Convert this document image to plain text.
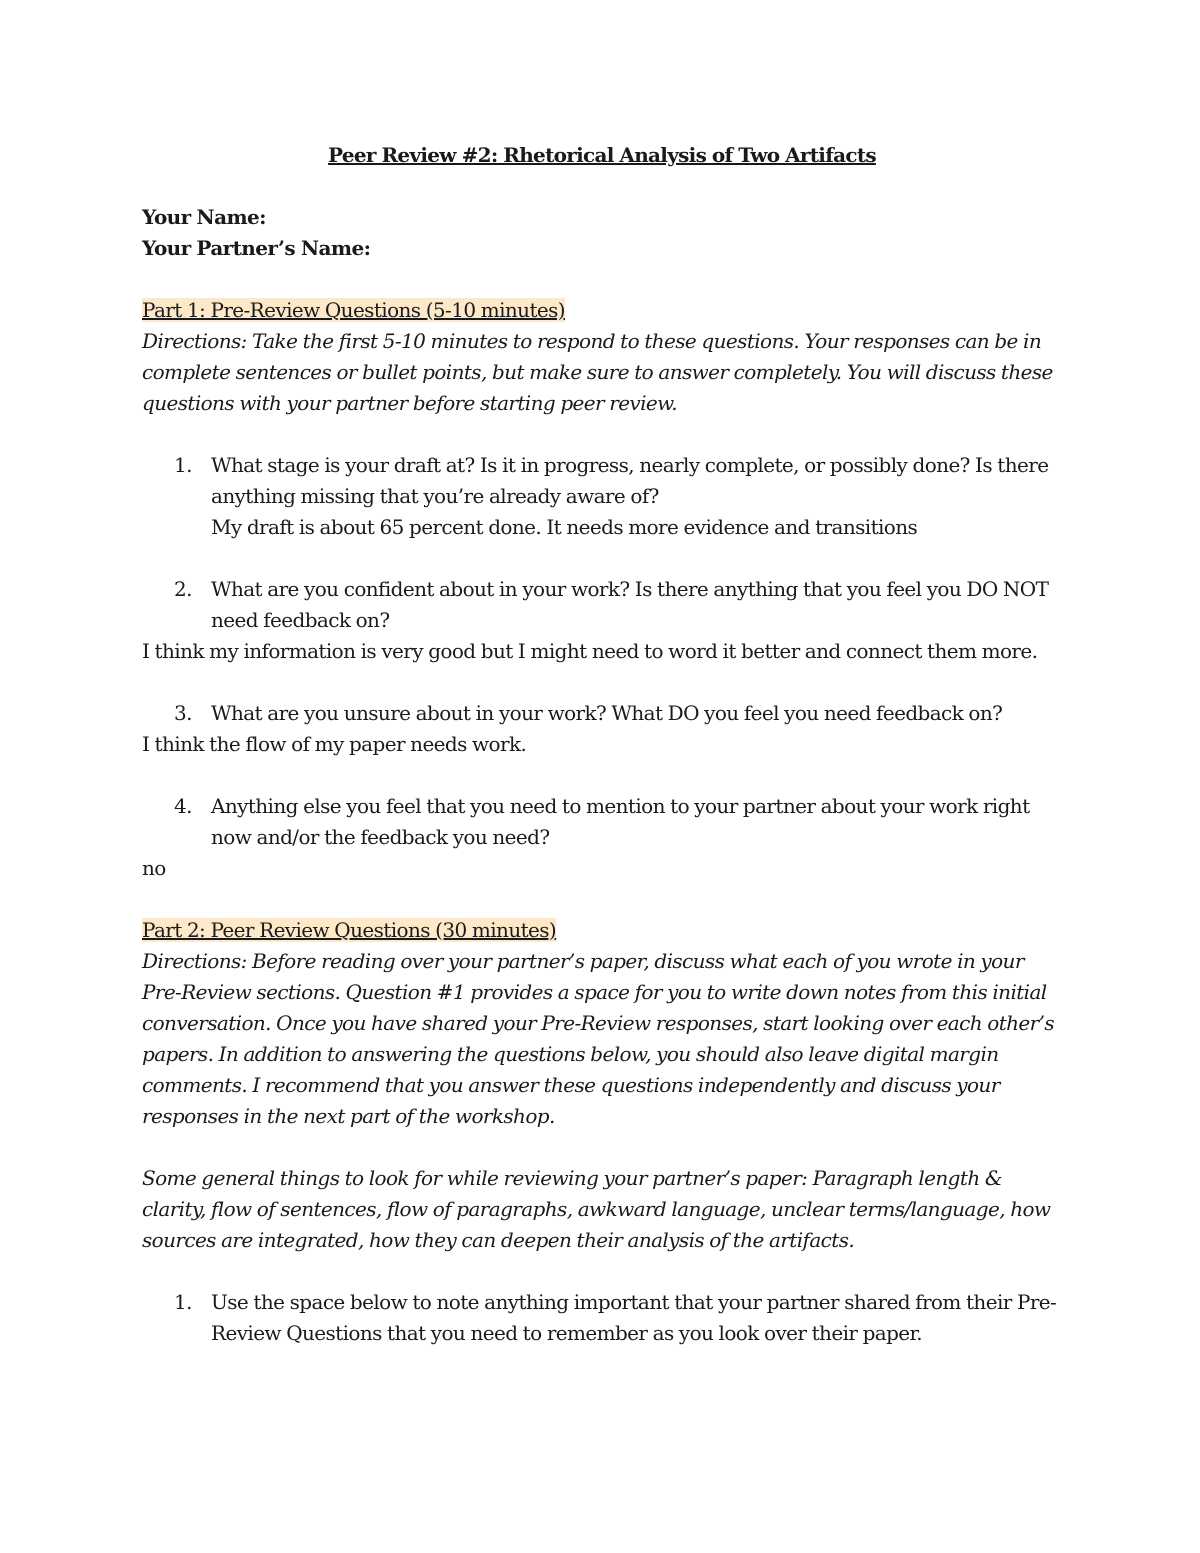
Peer Review #2: Rhetorical Analysis of Two Artifacts

Your Name:

Your Partner’s Name:

Part 1: Pre-Review Questions (5-10 minutes)

Directions: Take the first 5-10 minutes to respond to these questions. Your responses can be in complete sentences or bullet points, but make sure to answer completely. You will discuss these questions with your partner before starting peer review.

1. What stage is your draft at? Is it in progress, nearly complete, or possibly done? Is there anything missing that you’re already aware of?
My draft is about 65 percent done. It needs more evidence and transitions
2. What are you confident about in your work? Is there anything that you feel you DO NOT need feedback on?

I think my information is very good but I might need to word it better and connect them more.

3. What are you unsure about in your work? What DO you feel you need feedback on?

I think the flow of my paper needs work.

4. Anything else you feel that you need to mention to your partner about your work right now and/or the feedback you need?

no

Part 2: Peer Review Questions (30 minutes)

Directions: Before reading over your partner’s paper, discuss what each of you wrote in your Pre-Review sections. Question #1 provides a space for you to write down notes from this initial conversation. Once you have shared your Pre-Review responses, start looking over each other’s papers. In addition to answering the questions below, you should also leave digital margin comments. I recommend that you answer these questions independently and discuss your responses in the next part of the workshop.

Some general things to look for while reviewing your partner’s paper: Paragraph length & clarity, flow of sentences, flow of paragraphs, awkward language, unclear terms/language, how sources are integrated, how they can deepen their analysis of the artifacts.

1. Use the space below to note anything important that your partner shared from their Pre-Review Questions that you need to remember as you look over their paper.
